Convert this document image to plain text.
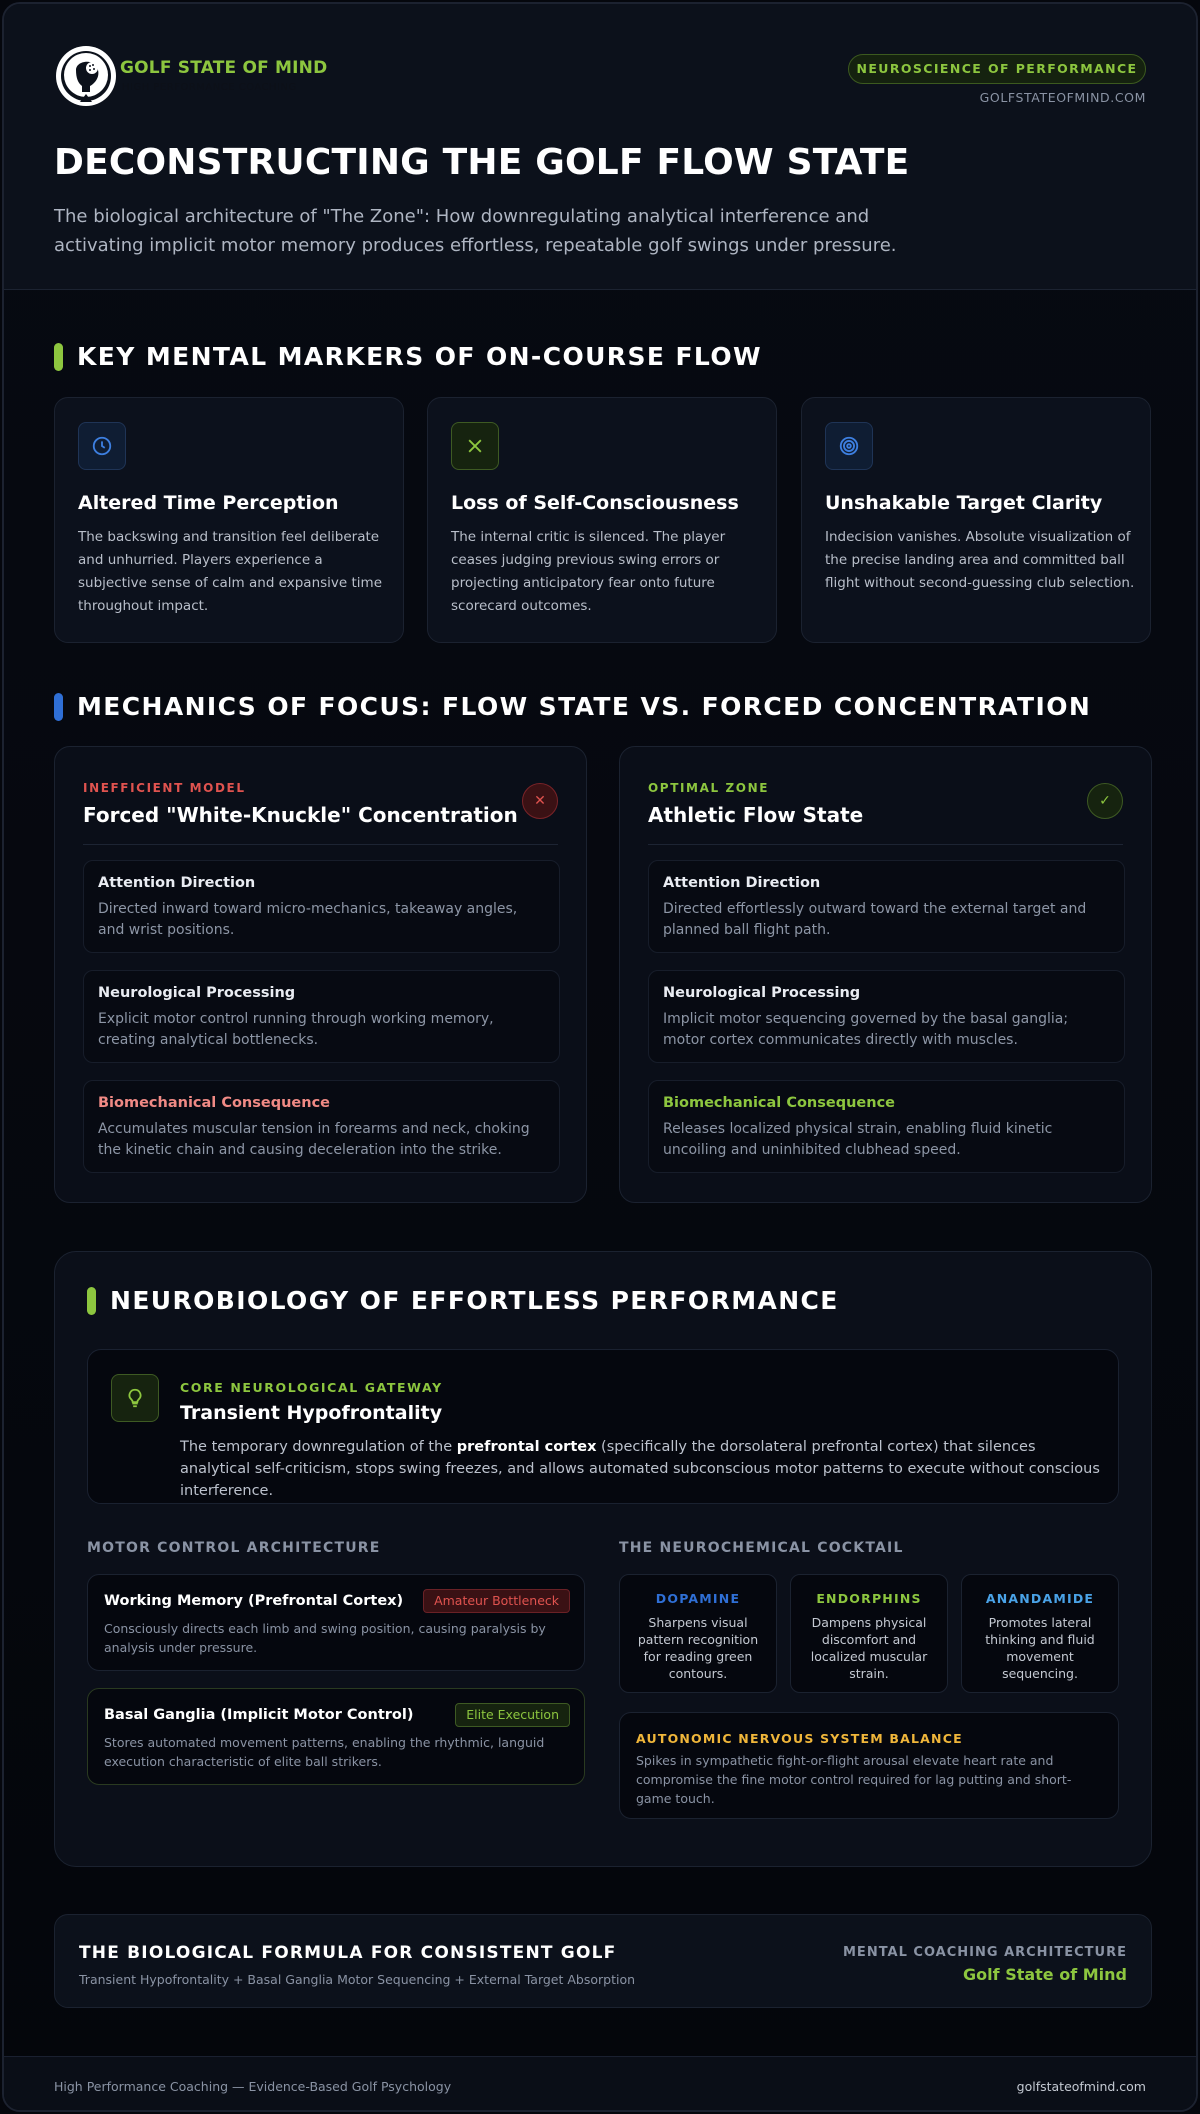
GOLF STATE OF MIND
HIGH PERFORMANCE COACHING
NEUROSCIENCE OF PERFORMANCE
GOLFSTATEOFMIND.COM
DECONSTRUCTING THE GOLF FLOW STATE
The biological architecture of "The Zone": How downregulating analytical interference and activating implicit motor memory produces effortless, repeatable golf swings under pressure.
KEY MENTAL MARKERS OF ON-COURSE FLOW
Altered Time Perception

The backswing and transition feel deliberate and unhurried. Players experience a subjective sense of calm and expansive time throughout impact.

Loss of Self-Consciousness

The internal critic is silenced. The player ceases judging previous swing errors or projecting anticipatory fear onto future scorecard outcomes.

Unshakable Target Clarity

Indecision vanishes. Absolute visualization of the precise landing area and committed ball flight without second-guessing club selection.

MECHANICS OF FOCUS: FLOW STATE VS. FORCED CONCENTRATION
INEFFICIENT MODEL
Forced "White-Knuckle" Concentration
✕
Attention Direction
Directed inward toward micro-mechanics, takeaway angles, and wrist positions.
Neurological Processing
Explicit motor control running through working memory, creating analytical bottlenecks.
Biomechanical Consequence
Accumulates muscular tension in forearms and neck, choking the kinetic chain and causing deceleration into the strike.
OPTIMAL ZONE
Athletic Flow State
✓
Attention Direction
Directed effortlessly outward toward the external target and planned ball flight path.
Neurological Processing
Implicit motor sequencing governed by the basal ganglia; motor cortex communicates directly with muscles.
Biomechanical Consequence
Releases localized physical strain, enabling fluid kinetic uncoiling and uninhibited clubhead speed.
NEUROBIOLOGY OF EFFORTLESS PERFORMANCE
CORE NEUROLOGICAL GATEWAY
Transient Hypofrontality
The temporary downregulation of the prefrontal cortex (specifically the dorsolateral prefrontal cortex) that silences analytical self-criticism, stops swing freezes, and allows automated subconscious motor patterns to execute without conscious interference.
MOTOR CONTROL ARCHITECTURE
Working Memory (Prefrontal Cortex)	Amateur Bottleneck
Consciously directs each limb and swing position, causing paralysis by analysis under pressure.
Basal Ganglia (Implicit Motor Control)	Elite Execution
Stores automated movement patterns, enabling the rhythmic, languid execution characteristic of elite ball strikers.
THE NEUROCHEMICAL COCKTAIL
DOPAMINE
Sharpens visual pattern recognition for reading green contours.
ENDORPHINS
Dampens physical discomfort and localized muscular strain.
ANANDAMIDE
Promotes lateral thinking and fluid movement sequencing.
AUTONOMIC NERVOUS SYSTEM BALANCE
Spikes in sympathetic fight-or-flight arousal elevate heart rate and compromise the fine motor control required for lag putting and short-game touch.
THE BIOLOGICAL FORMULA FOR CONSISTENT GOLF
Transient Hypofrontality + Basal Ganglia Motor Sequencing + External Target Absorption
MENTAL COACHING ARCHITECTURE
Golf State of Mind
High Performance Coaching — Evidence-Based Golf Psychology	golfstateofmind.com
